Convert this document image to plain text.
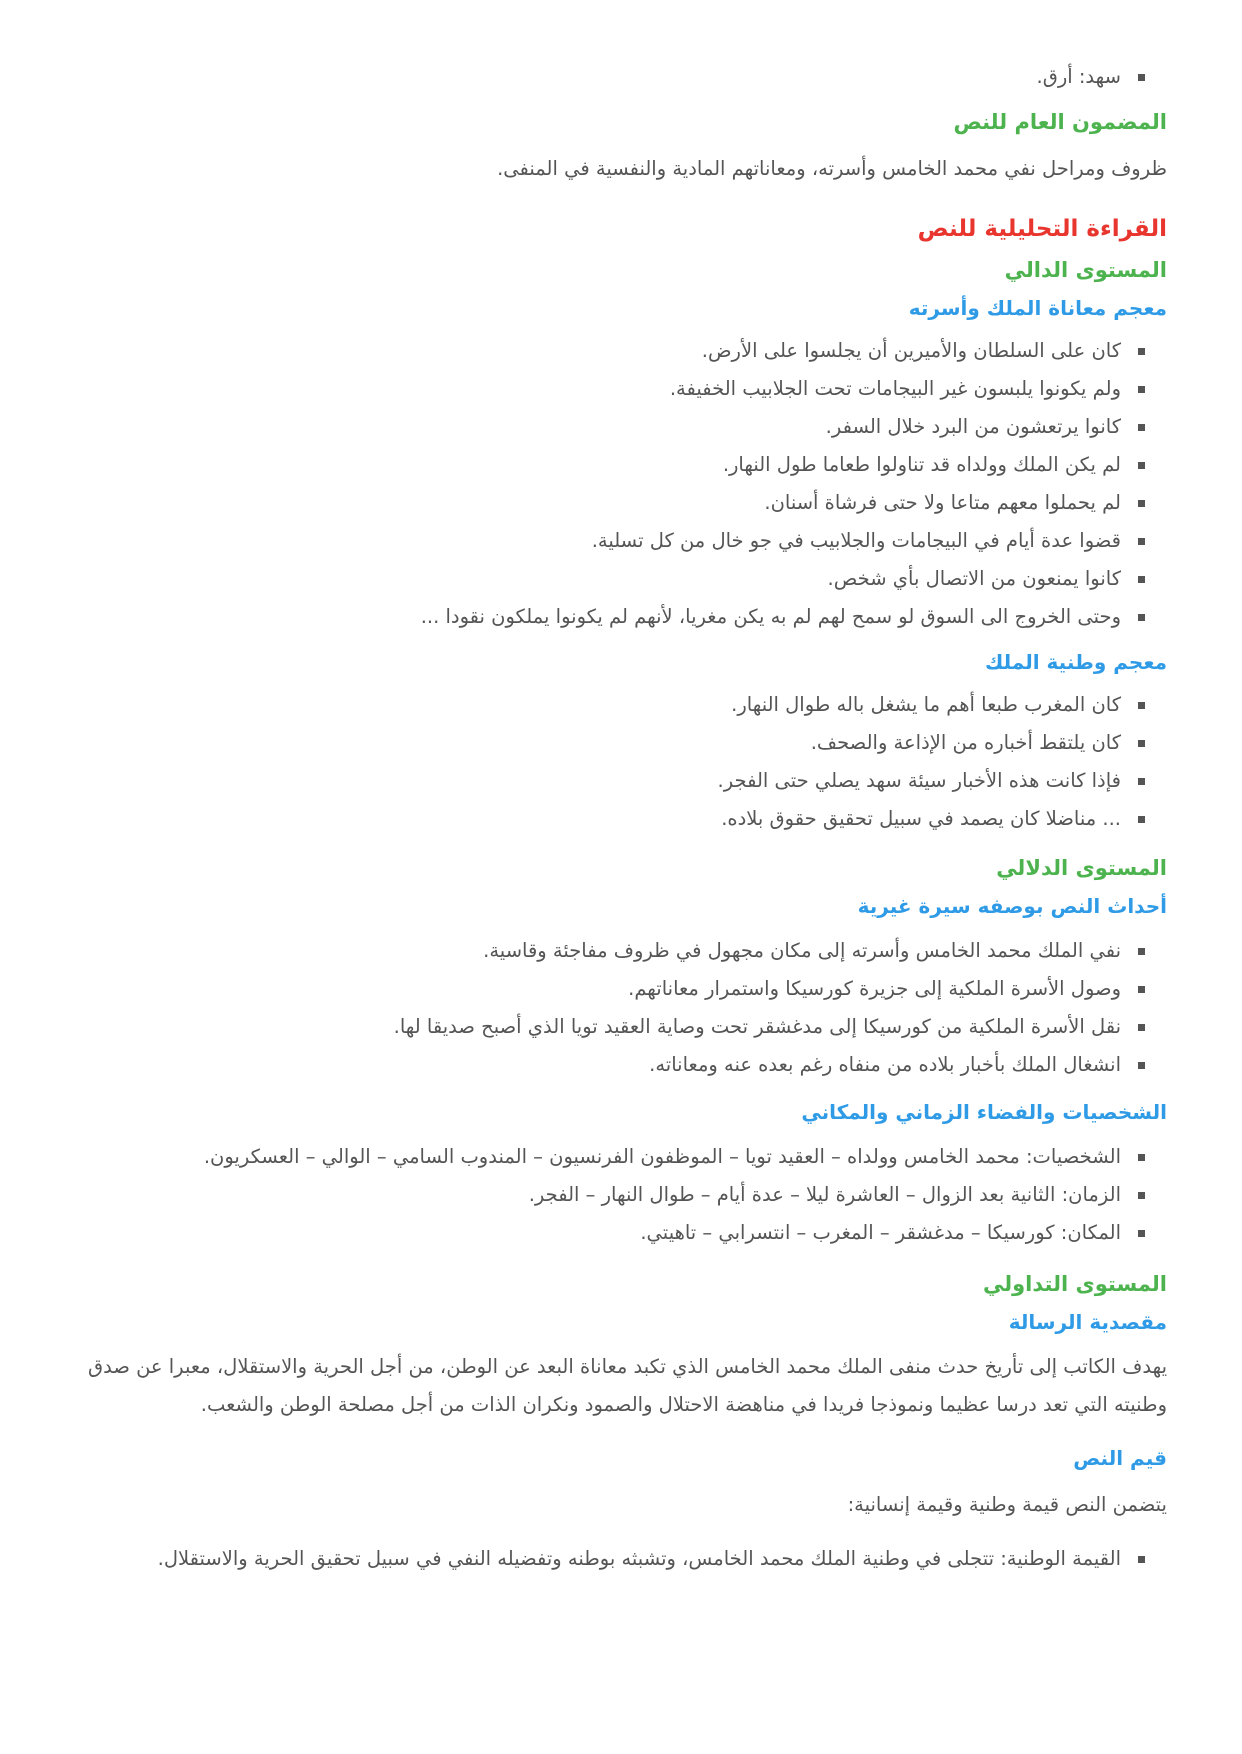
سهد: أرق.
المضمون العام للنص

ظروف ومراحل نفي محمد الخامس وأسرته، ومعاناتهم المادية والنفسية في المنفى.

القراءة التحليلية للنص
المستوى الدالي
معجم معاناة الملك وأسرته
كان على السلطان والأميرين أن يجلسوا على الأرض.
ولم يكونوا يلبسون غير البيجامات تحت الجلابيب الخفيفة.
كانوا يرتعشون من البرد خلال السفر.
لم يكن الملك وولداه قد تناولوا طعاما طول النهار.
لم يحملوا معهم متاعا ولا حتى فرشاة أسنان.
قضوا عدة أيام في البيجامات والجلابيب في جو خال من كل تسلية.
كانوا يمنعون من الاتصال بأي شخص.
وحتى الخروج الى السوق لو سمح لهم لم به يكن مغريا، لأنهم لم يكونوا يملكون نقودا ...
معجم وطنية الملك
كان المغرب طبعا أهم ما يشغل باله طوال النهار.
كان يلتقط أخباره من الإذاعة والصحف.
فإذا كانت هذه الأخبار سيئة سهد يصلي حتى الفجر.
... مناضلا كان يصمد في سبيل تحقيق حقوق بلاده.
المستوى الدلالي
أحداث النص بوصفه سيرة غيرية
نفي الملك محمد الخامس وأسرته إلى مكان مجهول في ظروف مفاجئة وقاسية.
وصول الأسرة الملكية إلى جزيرة كورسيكا واستمرار معاناتهم.
نقل الأسرة الملكية من كورسيكا إلى مدغشقر تحت وصاية العقيد تويا الذي أصبح صديقا لها.
انشغال الملك بأخبار بلاده من منفاه رغم بعده عنه ومعاناته.
الشخصيات والفضاء الزماني والمكاني
الشخصيات: محمد الخامس وولداه – العقيد تويا – الموظفون الفرنسيون – المندوب السامي – الوالي – العسكريون.
الزمان: الثانية بعد الزوال – العاشرة ليلا – عدة أيام – طوال النهار – الفجر.
المكان: كورسيكا – مدغشقر – المغرب – انتسرابي – تاهيتي.
المستوى التداولي
مقصدية الرسالة

يهدف الكاتب إلى تأريخ حدث منفى الملك محمد الخامس الذي تكبد معاناة البعد عن الوطن، من أجل الحرية والاستقلال، معبرا عن صدق وطنيته التي تعد درسا عظيما ونموذجا فريدا في مناهضة الاحتلال والصمود ونكران الذات من أجل مصلحة الوطن والشعب.

قيم النص

يتضمن النص قيمة وطنية وقيمة إنسانية:

القيمة الوطنية: تتجلى في وطنية الملك محمد الخامس، وتشبثه بوطنه وتفضيله النفي في سبيل تحقيق الحرية والاستقلال.
